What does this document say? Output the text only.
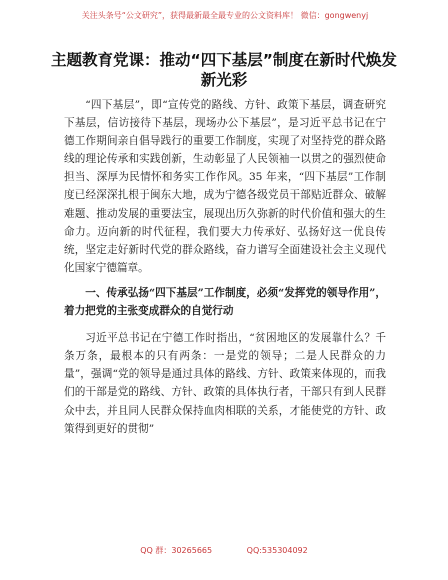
关注头条号“公文研究”，获得最新最全最专业的公文资料库！ 微信：gongwenyj
主题教育党课：推动“四下基层”制度在新时代焕发新光彩

“四下基层”，即“宣传党的路线、方针、政策下基层，调查研究下基层，信访接待下基层，现场办公下基层”，是习近平总书记在宁德工作期间亲自倡导践行的重要工作制度，实现了对坚持党的群众路线的理论传承和实践创新，生动彰显了人民领袖一以贯之的强烈使命担当、深厚为民情怀和务实工作作风。35 年来，“四下基层”工作制度已经深深扎根于闽东大地，成为宁德各级党员干部贴近群众、破解难题、推动发展的重要法宝，展现出历久弥新的时代价值和强大的生命力。迈向新的时代征程，我们要大力传承好、弘扬好这一优良传统，坚定走好新时代党的群众路线，奋力谱写全面建设社会主义现代化国家宁德篇章。

一、传承弘扬“四下基层”工作制度，必须“发挥党的领导作用”，着力把党的主张变成群众的自觉行动

习近平总书记在宁德工作时指出，“贫困地区的发展靠什么？千条万条，最根本的只有两条：一是党的领导；二是人民群众的力量”，强调“党的领导是通过具体的路线、方针、政策来体现的，而我们的干部是党的路线、方针、政策的具体执行者，干部只有到人民群众中去，并且同人民群众保持血肉相联的关系，才能使党的方针、政策得到更好的贯彻”

QQ 群：30265665	QQ:535304092
